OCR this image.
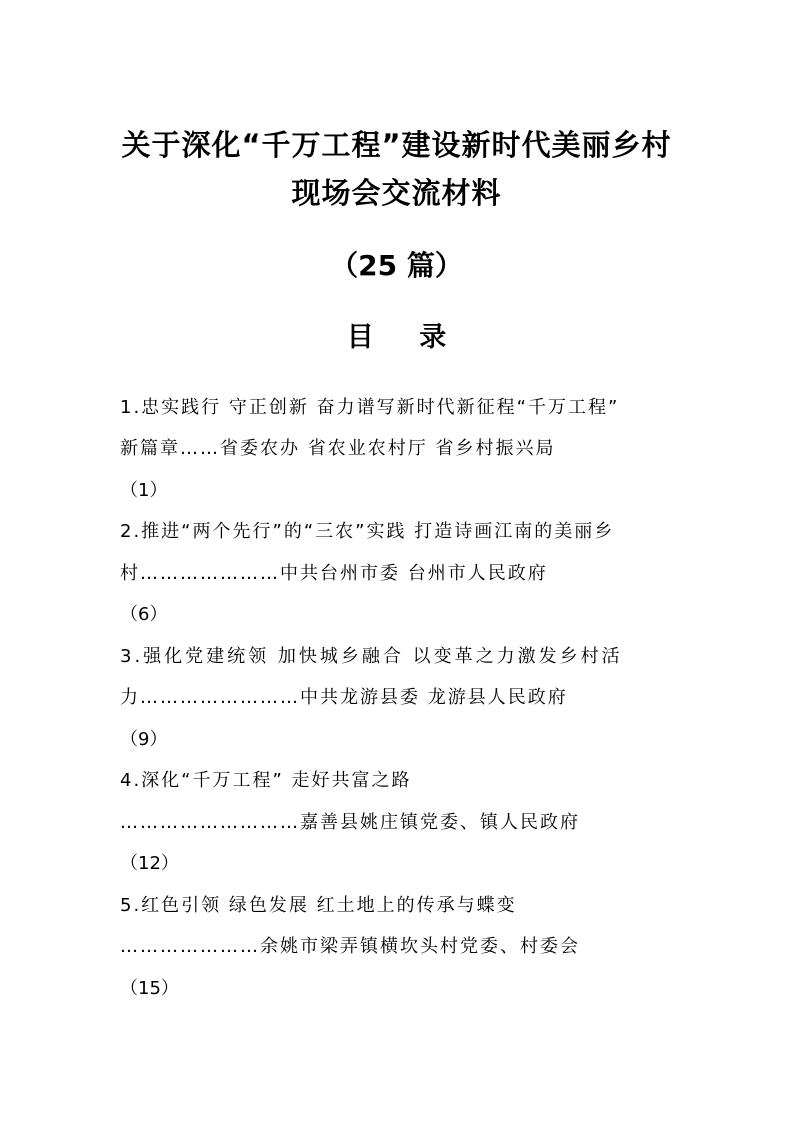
关于深化“千万工程”建设新时代美丽乡村
现场会交流材料
（25 篇）
目 录
1.忠实践行 守正创新 奋力谱写新时代新征程“千万工程”
新篇章……省委农办 省农业农村厅 省乡村振兴局
（1）
2.推进“两个先行”的“三农”实践 打造诗画江南的美丽乡
村…………………中共台州市委 台州市人民政府
（6）
3.强化党建统领 加快城乡融合 以变革之力激发乡村活
力……………………中共龙游县委 龙游县人民政府
（9）
4.深化“千万工程” 走好共富之路
………………………嘉善县姚庄镇党委、镇人民政府
（12）
5.红色引领 绿色发展 红土地上的传承与蝶变
…………………余姚市梁弄镇横坎头村党委、村委会
（15）
